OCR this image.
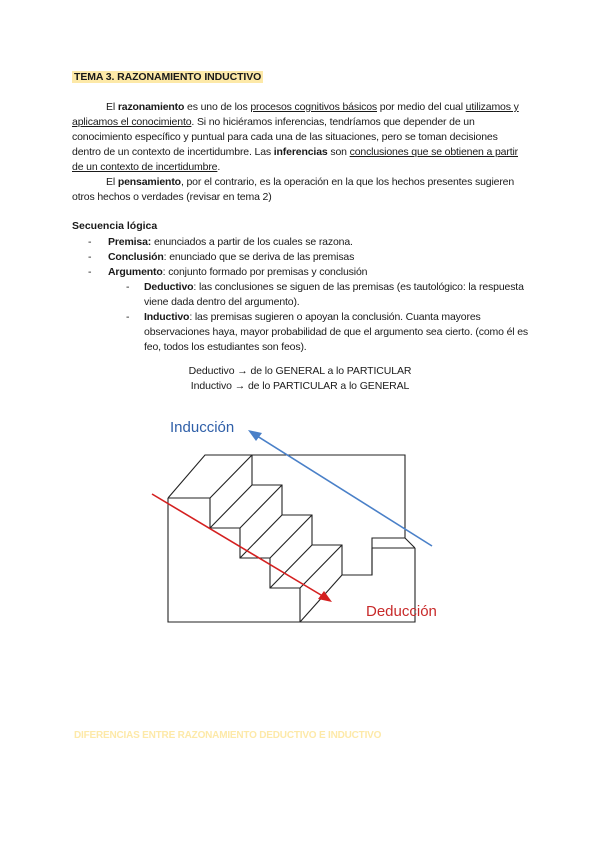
TEMA 3. RAZONAMIENTO INDUCTIVO
El razonamiento es uno de los procesos cognitivos básicos por medio del cual utilizamos y aplicamos el conocimiento. Si no hiciéramos inferencias, tendríamos que depender de un conocimiento específico y puntual para cada una de las situaciones, pero se toman decisiones dentro de un contexto de incertidumbre. Las inferencias son conclusiones que se obtienen a partir de un contexto de incertidumbre.
El pensamiento, por el contrario, es la operación en la que los hechos presentes sugieren otros hechos o verdades (revisar en tema 2)
Secuencia lógica
- Premisa: enunciados a partir de los cuales se razona.
- Conclusión: enunciado que se deriva de las premisas
- Argumento: conjunto formado por premisas y conclusión
- Deductivo: las conclusiones se siguen de las premisas (es tautológico: la respuesta viene dada dentro del argumento).
- Inductivo: las premisas sugieren o apoyan la conclusión. Cuanta mayores observaciones haya, mayor probabilidad de que el argumento sea cierto. (como él es feo, todos los estudiantes son feos).
Deductivo → de lo GENERAL a lo PARTICULAR
Inductivo → de lo PARTICULAR a lo GENERAL
Inducción
Deducción
DIFERENCIAS ENTRE RAZONAMIENTO DEDUCTIVO E INDUCTIVO
